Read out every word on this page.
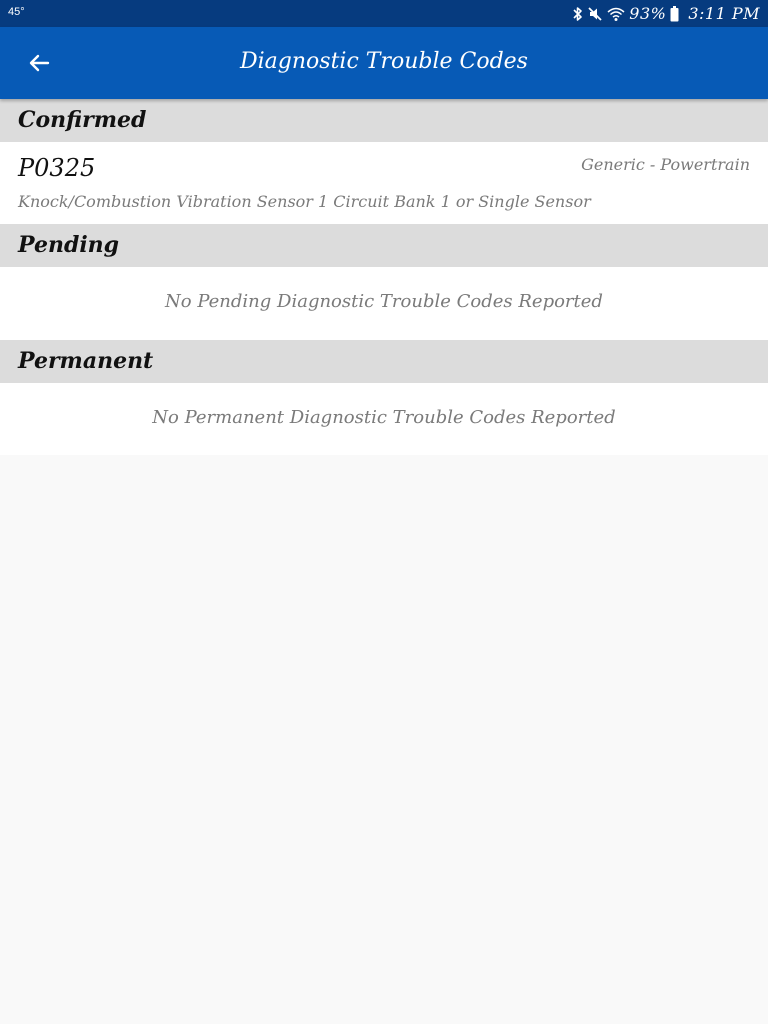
45°	93% 3:11 PM
Diagnostic Trouble Codes
Confirmed
P0325	Generic - Powertrain
Knock/Combustion Vibration Sensor 1 Circuit Bank 1 or Single Sensor
Pending
No Pending Diagnostic Trouble Codes Reported
Permanent
No Permanent Diagnostic Trouble Codes Reported
